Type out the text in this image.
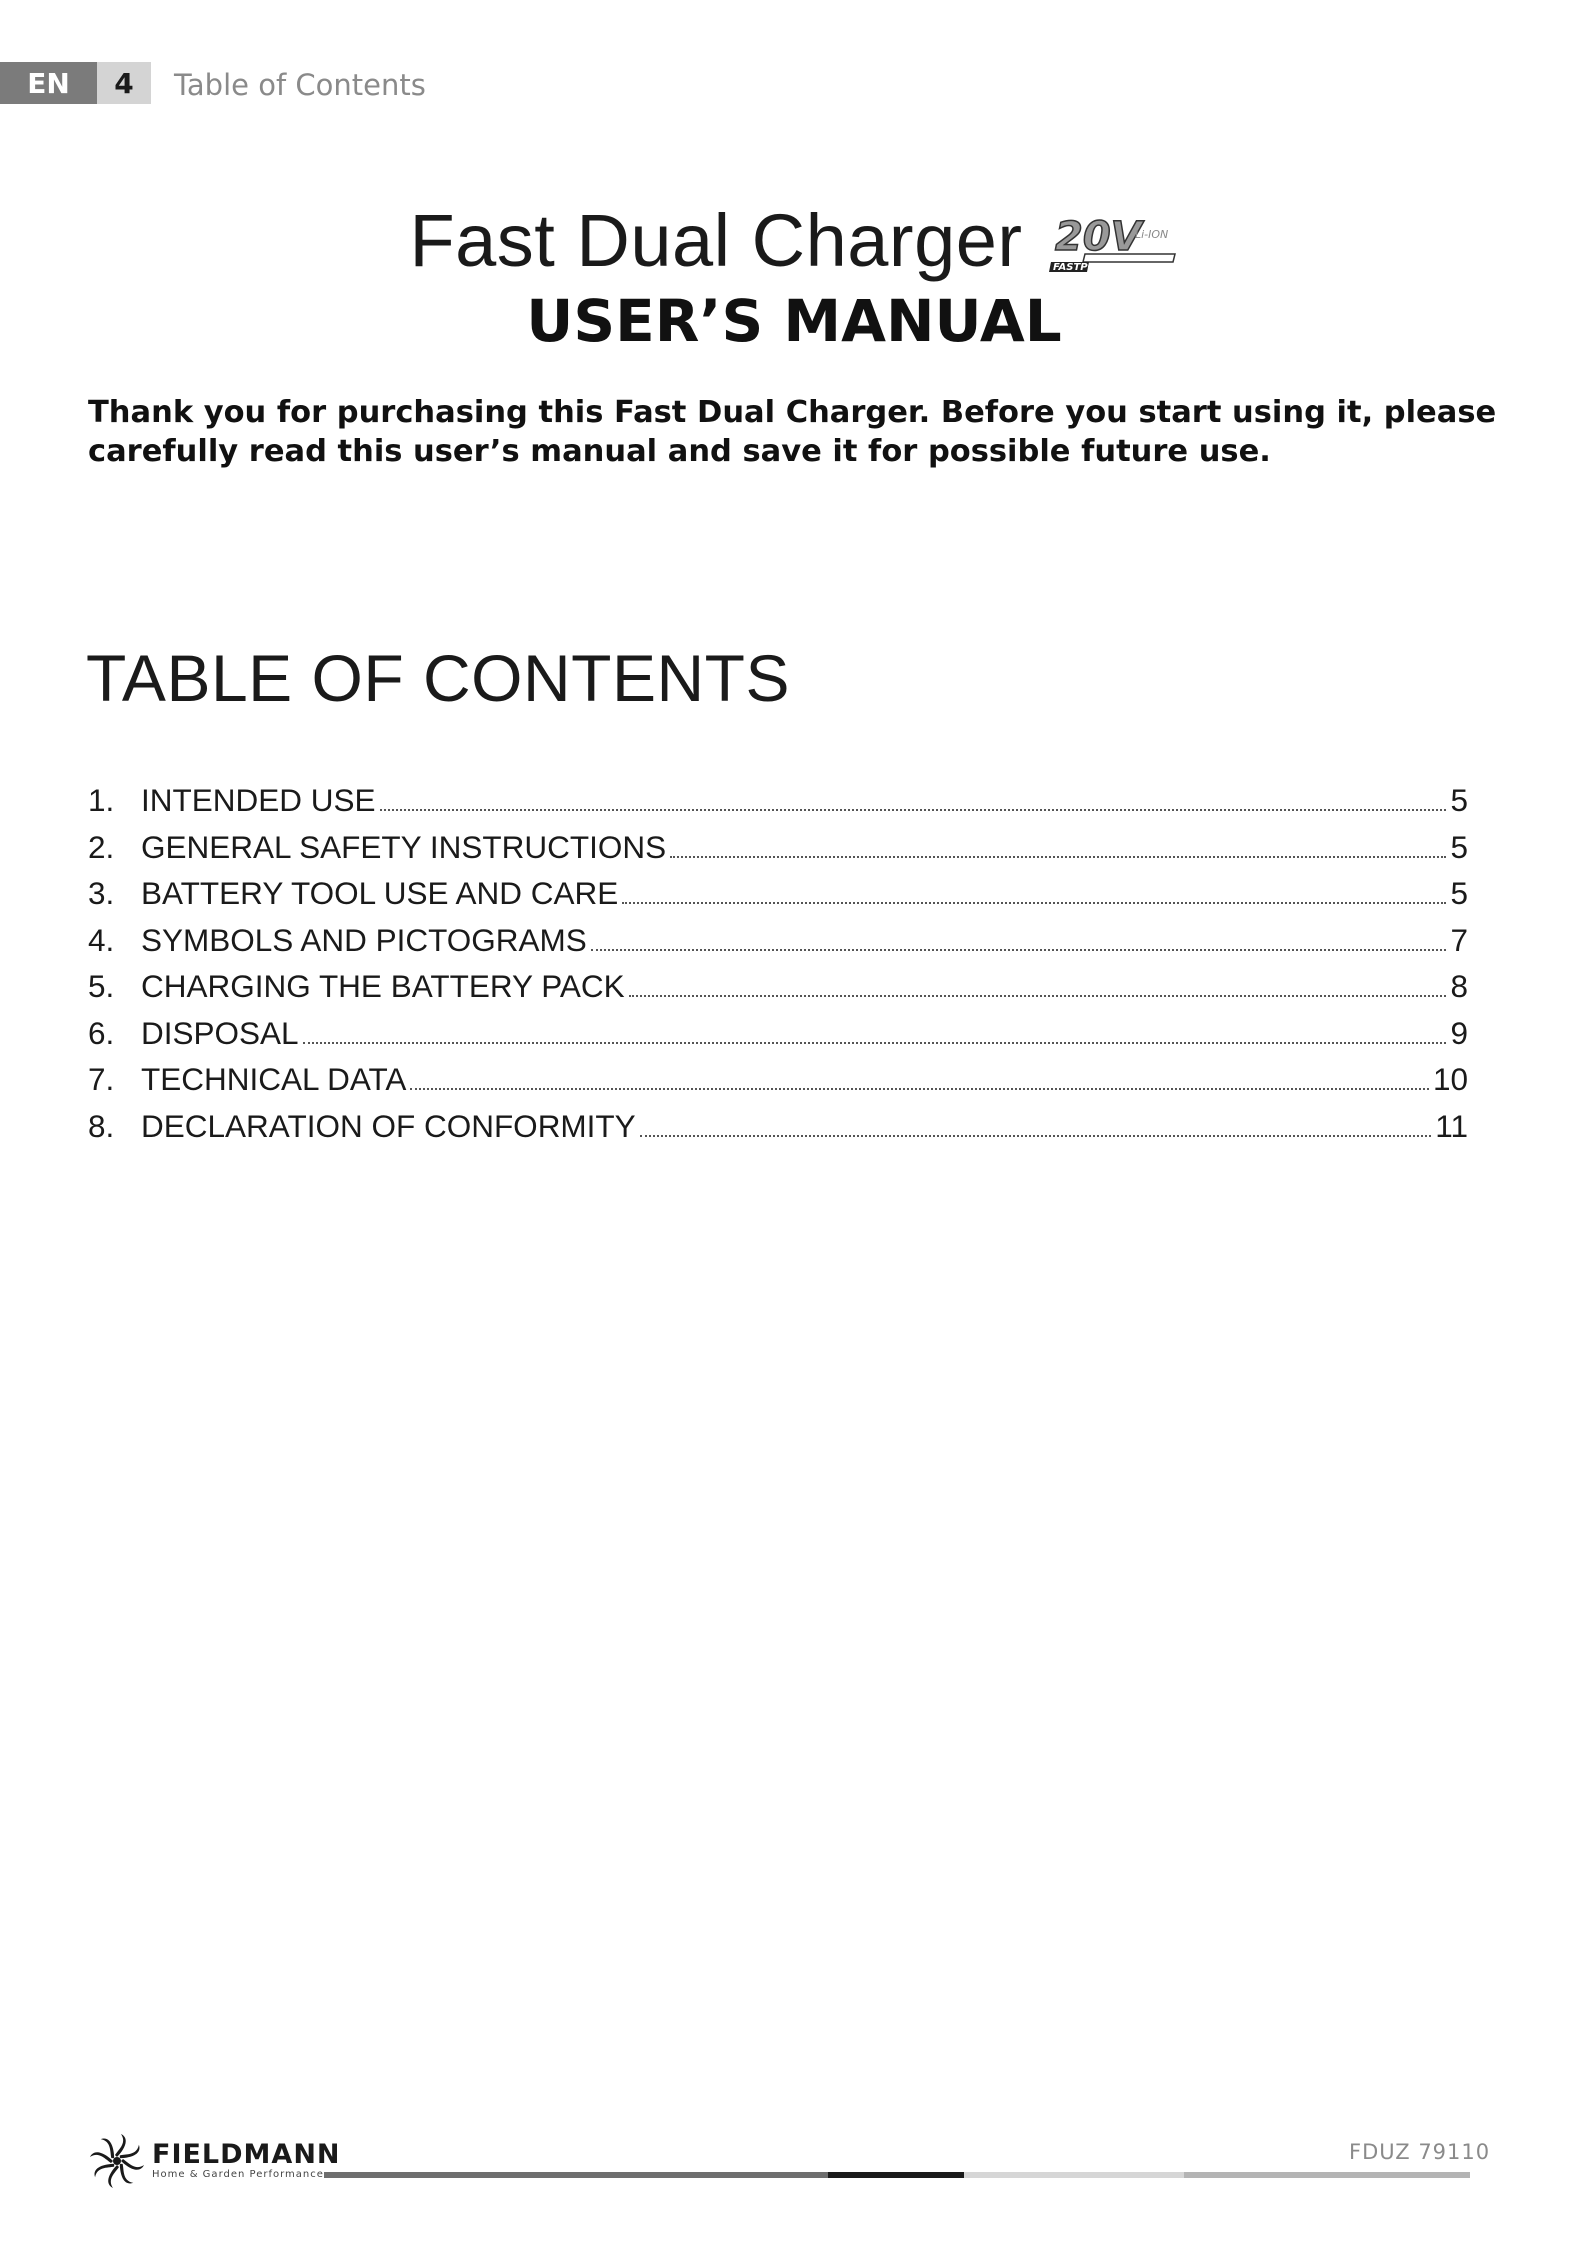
EN	4	Table of Contents
Fast Dual Charger 20V
Li-ION
FASTPOWER
USER’S MANUAL
Thank you for purchasing this Fast Dual Charger. Before you start using it, please
carefully read this user’s manual and save it for possible future use.
TABLE OF CONTENTS
1. INTENDED USE	5
2. GENERAL SAFETY INSTRUCTIONS	5
3. BATTERY TOOL USE AND CARE	5
4. SYMBOLS AND PICTOGRAMS	7
5. CHARGING THE BATTERY PACK	8
6. DISPOSAL	9
7. TECHNICAL DATA	10
8. DECLARATION OF CONFORMITY	11
FIELDMANN
Home & Garden Performance
FDUZ 79110
